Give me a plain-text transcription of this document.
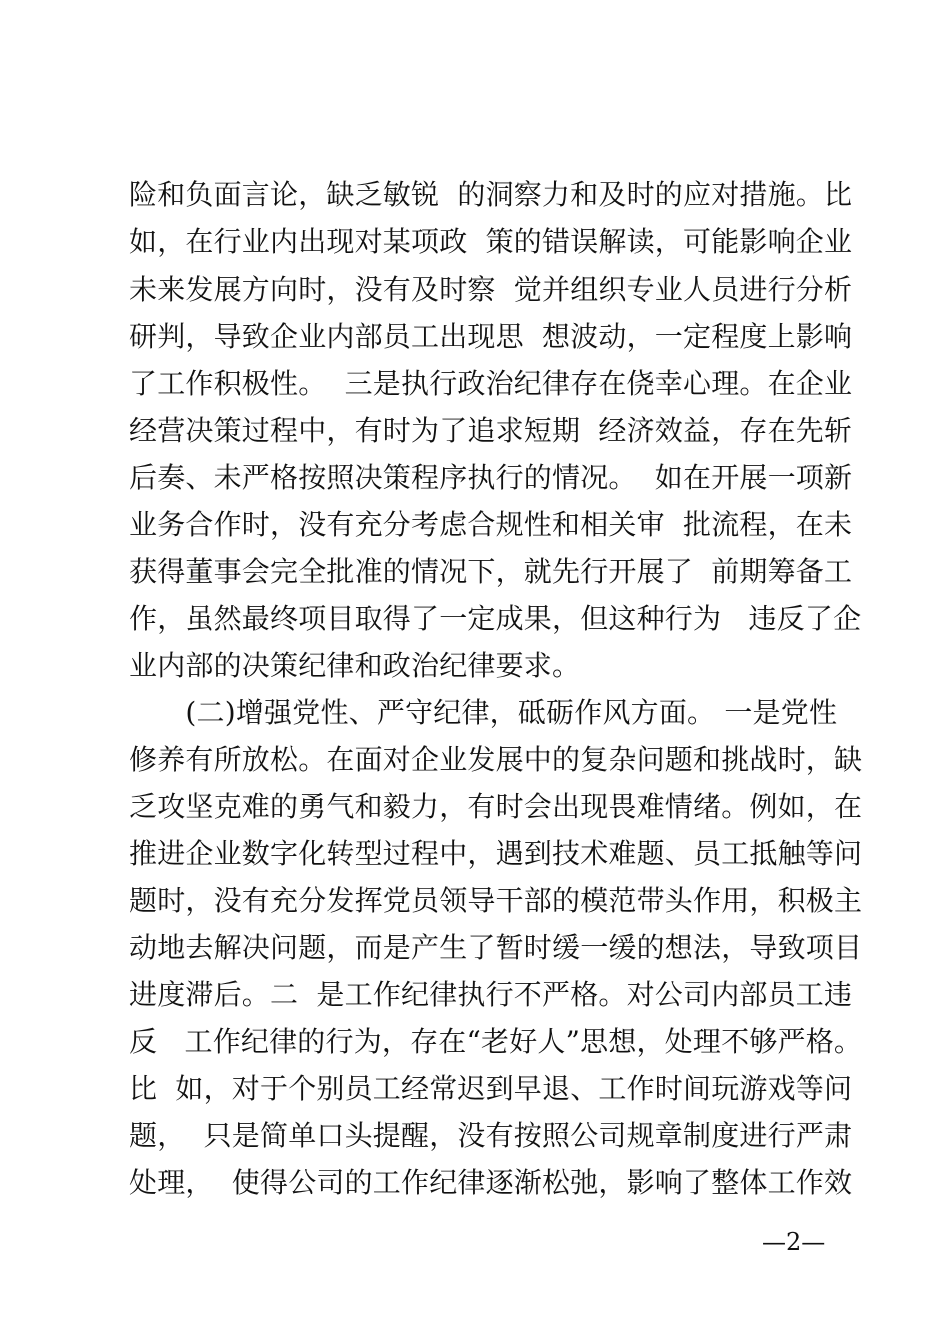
险和负面言论，缺乏敏锐  的洞察力和及时的应对措施。比

如，在行业内出现对某项政  策的错误解读，可能影响企业

未来发展方向时，没有及时察  觉并组织专业人员进行分析

研判，导致企业内部员工出现思  想波动，一定程度上影响

了工作积极性。  三是执行政治纪律存在侥幸心理。在企业

经营决策过程中，有时为了追求短期  经济效益，存在先斩

后奏、未严格按照决策程序执行的情况。  如在开展一项新

业务合作时，没有充分考虑合规性和相关审  批流程，在未

获得董事会完全批准的情况下，就先行开展了  前期筹备工

作，虽然最终项目取得了一定成果，但这种行为   违反了企

业内部的决策纪律和政治纪律要求。

　　(二)增强党性、严守纪律，砥砺作风方面。 一是党性

修养有所放松。在面对企业发展中的复杂问题和挑战时，缺

乏攻坚克难的勇气和毅力，有时会出现畏难情绪。例如，在

推进企业数字化转型过程中，遇到技术难题、员工抵触等问

题时，没有充分发挥党员领导干部的模范带头作用，积极主

动地去解决问题，而是产生了暂时缓一缓的想法，导致项目

进度滞后。二  是工作纪律执行不严格。对公司内部员工违

反   工作纪律的行为，存在“老好人”思想，处理不够严格。

比  如，对于个别员工经常迟到早退、工作时间玩游戏等问

题，  只是简单口头提醒，没有按照公司规章制度进行严肃

处理，  使得公司的工作纪律逐渐松弛，影响了整体工作效

—2—
